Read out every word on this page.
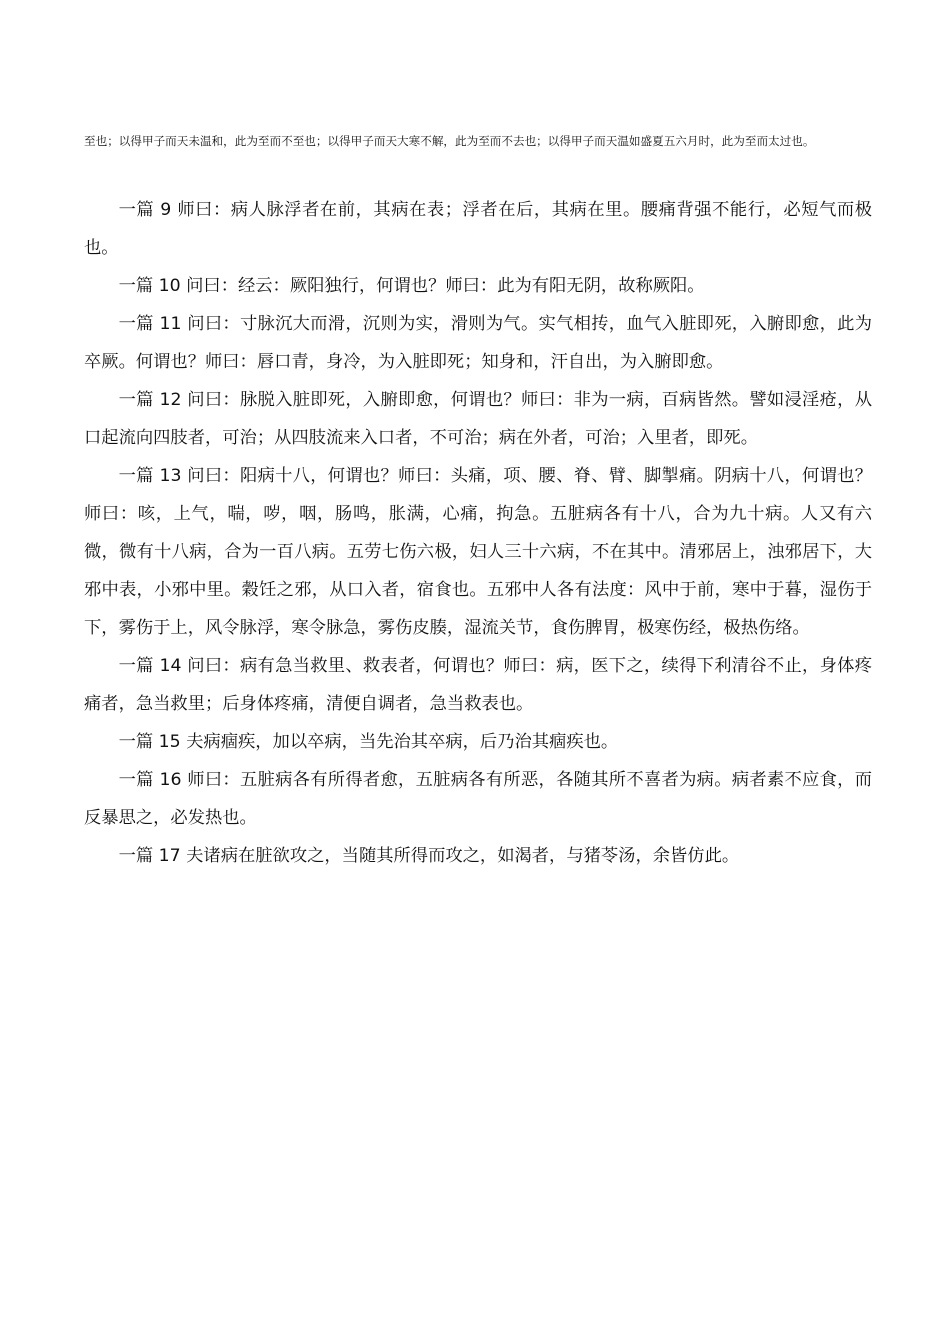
至也；以得甲子而天未温和，此为至而不至也；以得甲子而天大寒不解，此为至而不去也；以得甲子而天温如盛夏五六月时，此为至而太过也。

一篇 9 师曰：病人脉浮者在前，其病在表；浮者在后，其病在里。腰痛背强不能行，必短气而极也。

一篇 10 问曰：经云：厥阳独行，何谓也？师曰：此为有阳无阴，故称厥阳。

一篇 11 问曰：寸脉沉大而滑，沉则为实，滑则为气。实气相抟，血气入脏即死，入腑即愈，此为卒厥。何谓也？师曰：唇口青，身冷，为入脏即死；知身和，汗自出，为入腑即愈。

一篇 12 问曰：脉脱入脏即死，入腑即愈，何谓也？师曰：非为一病，百病皆然。譬如浸淫疮，从口起流向四肢者，可治；从四肢流来入口者，不可治；病在外者，可治；入里者，即死。

一篇 13 问曰：阳病十八，何谓也？师曰：头痛，项、腰、脊、臂、脚掣痛。阴病十八，何谓也？师曰：咳，上气，喘，哕，咽，肠鸣，胀满，心痛，拘急。五脏病各有十八，合为九十病。人又有六微，微有十八病，合为一百八病。五劳七伤六极，妇人三十六病，不在其中。清邪居上，浊邪居下，大邪中表，小邪中里。穀饪之邪，从口入者，宿食也。五邪中人各有法度：风中于前，寒中于暮，湿伤于下，雾伤于上，风令脉浮，寒令脉急，雾伤皮腠，湿流关节，食伤脾胃，极寒伤经，极热伤络。

一篇 14 问曰：病有急当救里、救表者，何谓也？师曰：病，医下之，续得下利清谷不止，身体疼痛者，急当救里；后身体疼痛，清便自调者，急当救表也。

一篇 15 夫病痼疾，加以卒病，当先治其卒病，后乃治其痼疾也。

一篇 16 师曰：五脏病各有所得者愈，五脏病各有所恶，各随其所不喜者为病。病者素不应食，而反暴思之，必发热也。

一篇 17 夫诸病在脏欲攻之，当随其所得而攻之，如渴者，与猪苓汤，余皆仿此。
